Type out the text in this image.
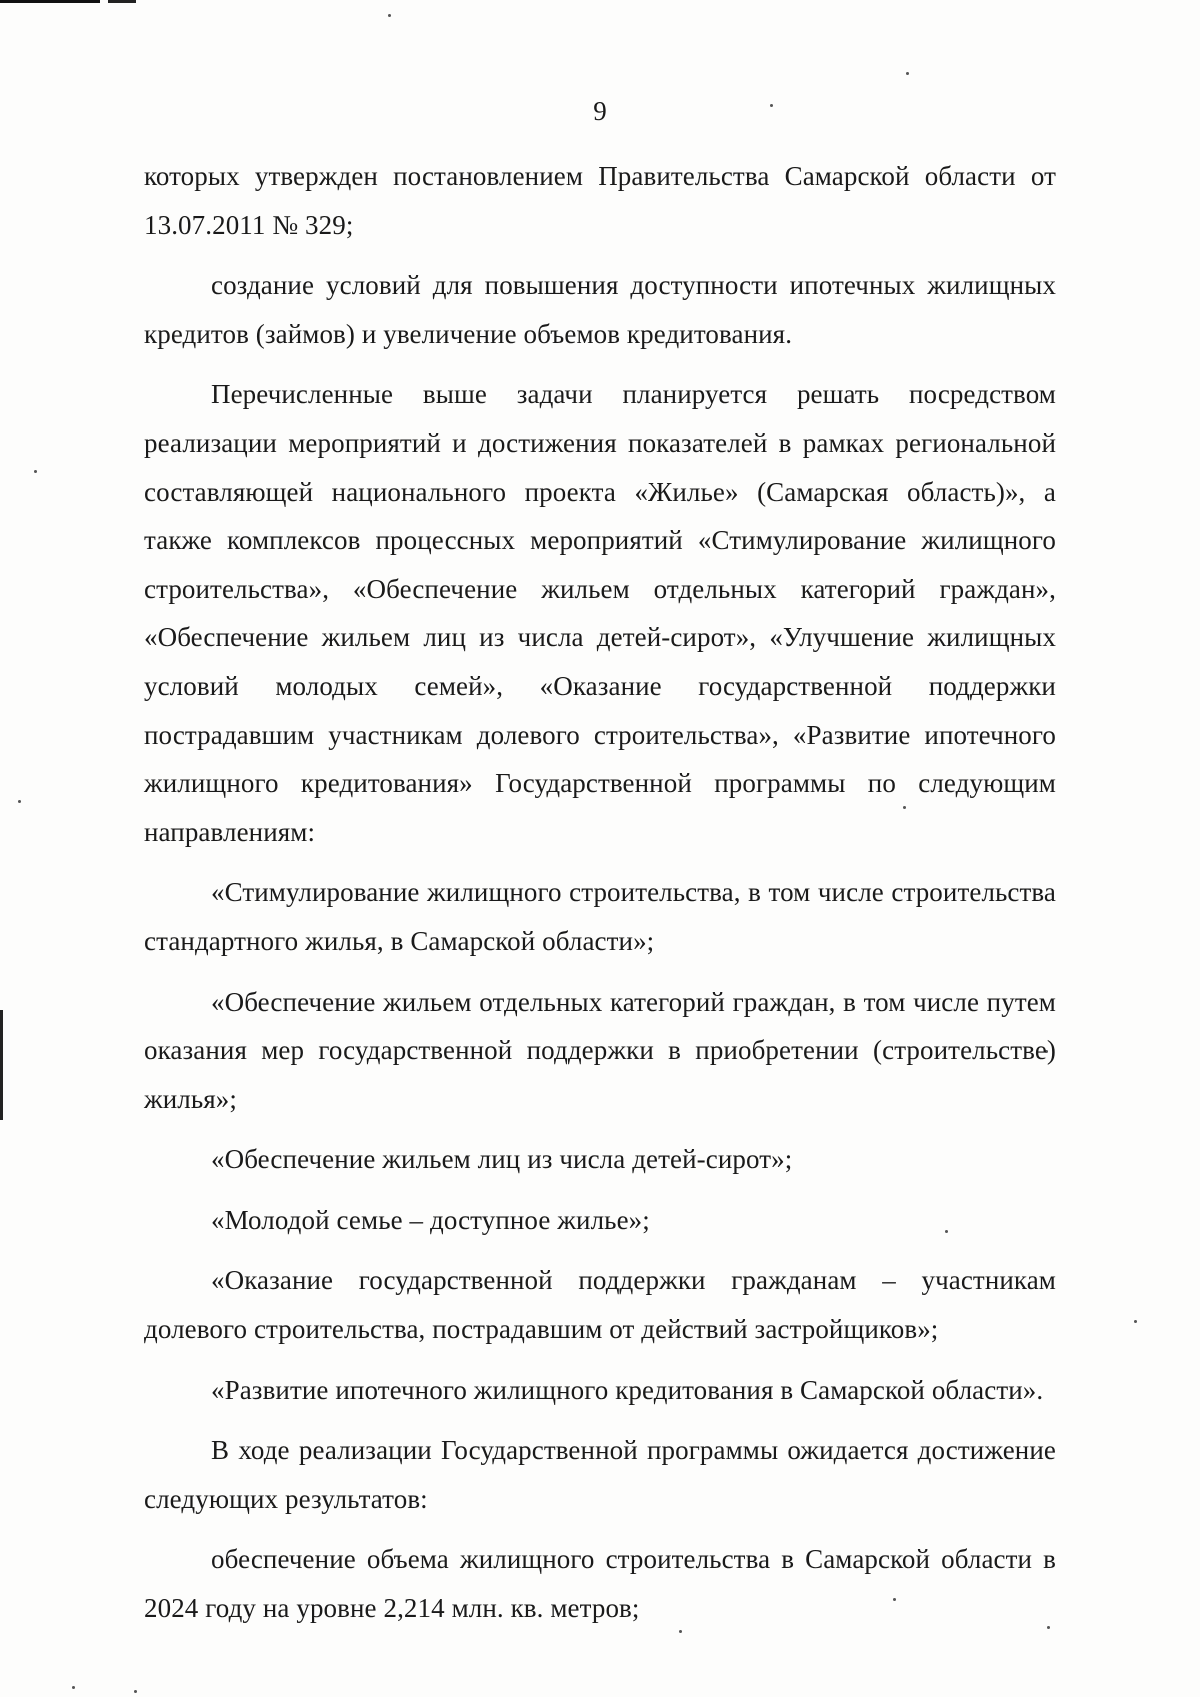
9

которых утвержден постановлением Правительства Самарской области от 13.07.2011 № 329;

создание условий для повышения доступности ипотечных жилищных кредитов (займов) и увеличение объемов кредитования.

Перечисленные выше задачи планируется решать посредством реализации мероприятий и достижения показателей в рамках региональной составляющей национального проекта «Жилье» (Самарская область)», а также комплексов процессных мероприятий «Стимулирование жилищного строительства», «Обеспечение жильем отдельных категорий граждан», «Обеспечение жильем лиц из числа детей-сирот», «Улучшение жилищных условий молодых семей», «Оказание государственной поддержки пострадавшим участникам долевого строительства», «Развитие ипотечного жилищного кредитования» Государственной программы по следующим направлениям:

«Стимулирование жилищного строительства, в том числе строительства стандартного жилья, в Самарской области»;

«Обеспечение жильем отдельных категорий граждан, в том числе путем оказания мер государственной поддержки в приобретении (строительстве) жилья»;

«Обеспечение жильем лиц из числа детей-сирот»;

«Молодой семье – доступное жилье»;

«Оказание государственной поддержки гражданам – участникам долевого строительства, пострадавшим от действий застройщиков»;

«Развитие ипотечного жилищного кредитования в Самарской области».

В ходе реализации Государственной программы ожидается достижение следующих результатов:

обеспечение объема жилищного строительства в Самарской области в 2024 году на уровне 2,214 млн. кв. метров;
